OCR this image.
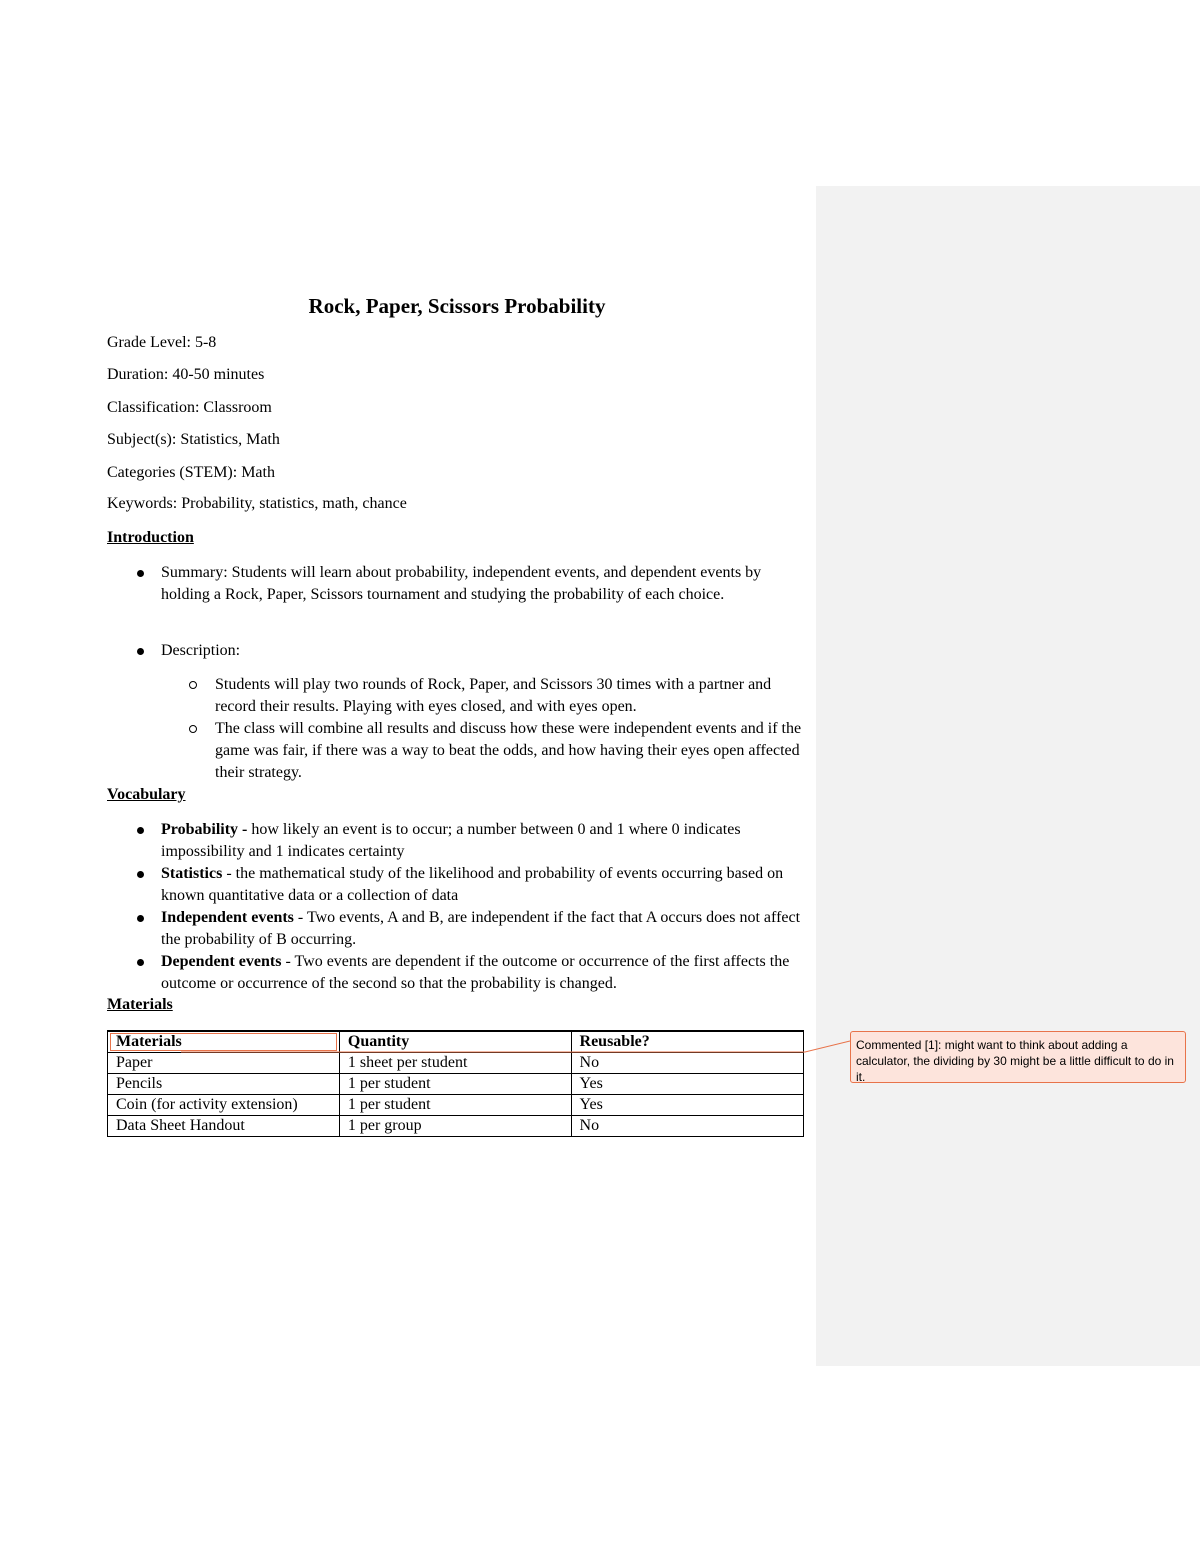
Rock, Paper, Scissors Probability

Grade Level: 5-8

Duration: 40-50 minutes

Classification: Classroom

Subject(s): Statistics, Math

Categories (STEM): Math

Keywords: Probability, statistics, math, chance

Introduction
Summary: Students will learn about probability, independent events, and dependent events by holding a Rock, Paper, Scissors tournament and studying the probability of each choice.
Description:
Students will play two rounds of Rock, Paper, and Scissors 30 times with a partner and record their results. Playing with eyes closed, and with eyes open.
The class will combine all results and discuss how these were independent events and if the game was fair, if there was a way to beat the odds, and how having their eyes open affected their strategy.
Vocabulary
Probability - how likely an event is to occur; a number between 0 and 1 where 0 indicates impossibility and 1 indicates certainty
Statistics - the mathematical study of the likelihood and probability of events occurring based on known quantitative data or a collection of data
Independent events - Two events, A and B, are independent if the fact that A occurs does not affect the probability of B occurring.
Dependent events - Two events are dependent if the outcome or occurrence of the first affects the outcome or occurrence of the second so that the probability is changed.
Materials
Materials	Quantity	Reusable?
Paper	1 sheet per student	No
Pencils	1 per student	Yes
Coin (for activity extension)	1 per student	Yes
Data Sheet Handout	1 per group	No
Commented [1]: might want to think about adding a calculator, the dividing by 30 might be a little difficult to do in it.
